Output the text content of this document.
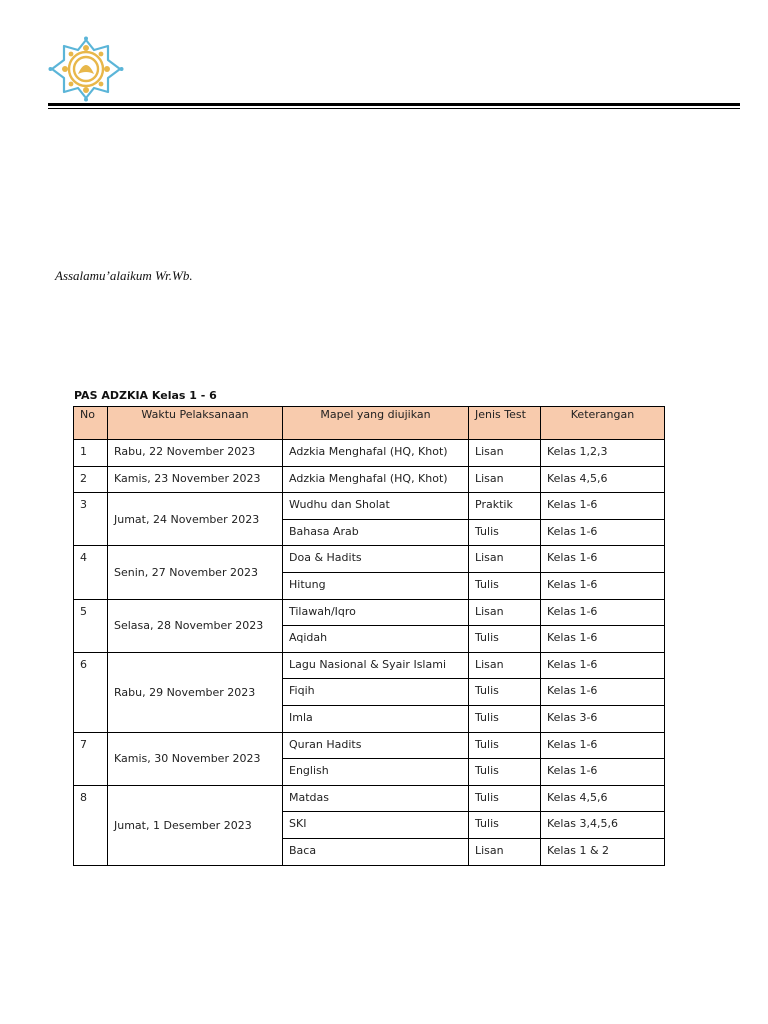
Assalamu’alaikum Wr.Wb.
PAS ADZKIA Kelas 1 - 6
No	Waktu Pelaksanaan	Mapel yang diujikan	Jenis Test	Keterangan
1	Rabu, 22 November 2023	Adzkia Menghafal (HQ, Khot)	Lisan	Kelas 1,2,3
2	Kamis, 23 November 2023	Adzkia Menghafal (HQ, Khot)	Lisan	Kelas 4,5,6
3	Jumat, 24 November 2023	Wudhu dan Sholat	Praktik	Kelas 1-6
		Bahasa Arab	Tulis	Kelas 1-6
4	Senin, 27 November 2023	Doa & Hadits	Lisan	Kelas 1-6
		Hitung	Tulis	Kelas 1-6
5	Selasa, 28 November 2023	Tilawah/Iqro	Lisan	Kelas 1-6
		Aqidah	Tulis	Kelas 1-6
6	Rabu, 29 November 2023	Lagu Nasional & Syair Islami	Lisan	Kelas 1-6
		Fiqih	Tulis	Kelas 1-6
		Imla	Tulis	Kelas 3-6
7	Kamis, 30 November 2023	Quran Hadits	Tulis	Kelas 1-6
		English	Tulis	Kelas 1-6
8	Jumat, 1 Desember 2023	Matdas	Tulis	Kelas 4,5,6
		SKI	Tulis	Kelas 3,4,5,6
		Baca	Lisan	Kelas 1 & 2
